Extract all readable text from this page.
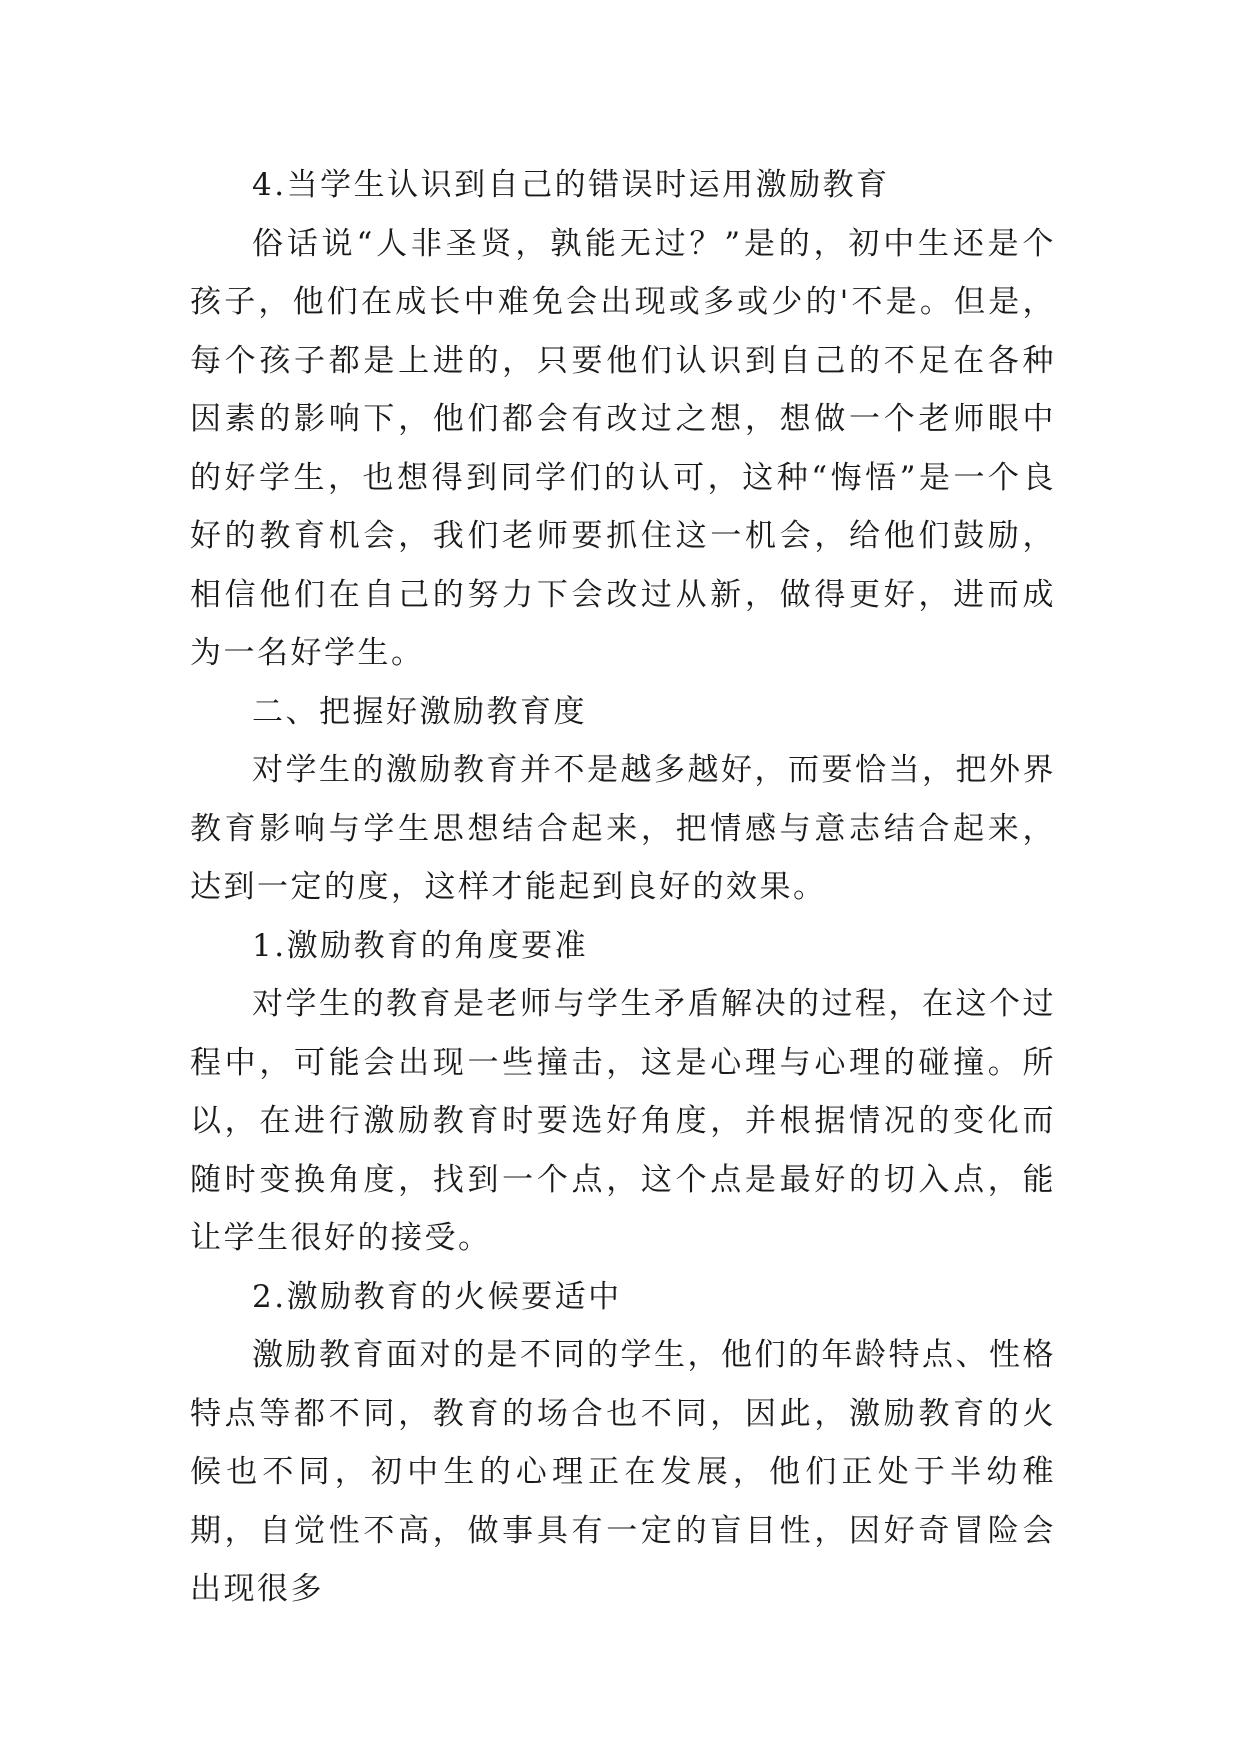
4.当学生认识到自己的错误时运用激励教育

俗话说“人非圣贤，孰能无过？”是的，初中生还是个孩子，他们在成长中难免会出现或多或少的'不是。但是，每个孩子都是上进的，只要他们认识到自己的不足在各种因素的影响下，他们都会有改过之想，想做一个老师眼中的好学生，也想得到同学们的认可，这种“悔悟”是一个良好的教育机会，我们老师要抓住这一机会，给他们鼓励，相信他们在自己的努力下会改过从新，做得更好，进而成为一名好学生。

二、把握好激励教育度

对学生的激励教育并不是越多越好，而要恰当，把外界教育影响与学生思想结合起来，把情感与意志结合起来，达到一定的度，这样才能起到良好的效果。

1.激励教育的角度要准

对学生的教育是老师与学生矛盾解决的过程，在这个过程中，可能会出现一些撞击，这是心理与心理的碰撞。所以，在进行激励教育时要选好角度，并根据情况的变化而随时变换角度，找到一个点，这个点是最好的切入点，能让学生很好的接受。

2.激励教育的火候要适中

激励教育面对的是不同的学生，他们的年龄特点、性格特点等都不同，教育的场合也不同，因此，激励教育的火候也不同，初中生的心理正在发展，他们正处于半幼稚期，自觉性不高，做事具有一定的盲目性，因好奇冒险会出现很多
